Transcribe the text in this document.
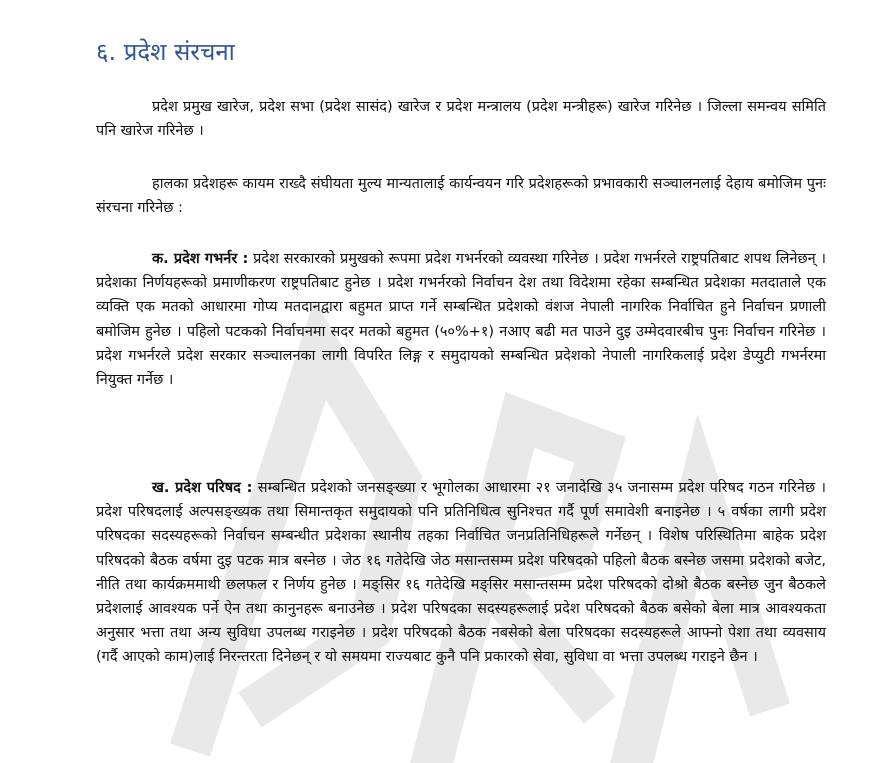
६. प्रदेश संरचना

प्रदेश प्रमुख खारेज, प्रदेश सभा (प्रदेश सासंद) खारेज र प्रदेश मन्त्रालय (प्रदेश मन्त्रीहरू) खारेज गरिनेछ । जिल्ला समन्वय समिति पनि खारेज गरिनेछ ।

हालका प्रदेशहरू कायम राख्दै संघीयता मुल्य मान्यतालाई कार्यन्वयन गरि प्रदेशहरूको प्रभावकारी सञ्चालनलाई देहाय बमोजिम पुनः संरचना गरिनेछ :

क. प्रदेश गभर्नर : प्रदेश सरकारको प्रमुखको रूपमा प्रदेश गभर्नरको व्यवस्था गरिनेछ । प्रदेश गभर्नरले राष्ट्रपतिबाट शपथ लिनेछन् । प्रदेशका निर्णयहरूको प्रमाणीकरण राष्ट्रपतिबाट हुनेछ । प्रदेश गभर्नरको निर्वाचन देश तथा विदेशमा रहेका सम्बन्धित प्रदेशका मतदाताले एक व्यक्ति एक मतको आधारमा गोप्य मतदानद्वारा बहुमत प्राप्त गर्ने सम्बन्धित प्रदेशको वंशज नेपाली नागरिक निर्वाचित हुने निर्वाचन प्रणाली बमोजिम हुनेछ । पहिलो पटकको निर्वाचनमा सदर मतको बहुमत (५०%+१) नआए बढी मत पाउने दुइ उम्मेदवारबीच पुनः निर्वाचन गरिनेछ । प्रदेश गभर्नरले प्रदेश सरकार सञ्चालनका लागी विपरित लिङ्ग र समुदायको सम्बन्धित प्रदेशको नेपाली नागरिकलाई प्रदेश डेप्युटी गभर्नरमा नियुक्त गर्नेछ ।

ख. प्रदेश परिषद : सम्बन्धित प्रदेशको जनसङ्ख्या र भूगोलका आधारमा २१ जनादेखि ३५ जनासम्म प्रदेश परिषद गठन गरिनेछ । प्रदेश परिषदलाई अल्पसङ्ख्यक तथा सिमान्तकृत समुदायको पनि प्रतिनिधित्व सुनिश्चत गर्दै पूर्ण समावेशी बनाइनेछ । ५ वर्षका लागी प्रदेश परिषदका सदस्यहरूको निर्वाचन सम्बन्धीत प्रदेशका स्थानीय तहका निर्वाचित जनप्रतिनिधिहरूले गर्नेछन् । विशेष परिस्थितिमा बाहेक प्रदेश परिषदको बैठक वर्षमा दुइ पटक मात्र बस्नेछ । जेठ १६ गतेदेखि जेठ मसान्तसम्म प्रदेश परिषदको पहिलो बैठक बस्नेछ जसमा प्रदेशको बजेट, नीति तथा कार्यक्रममाथी छलफल र निर्णय हुनेछ । मङ्सिर १६ गतेदेखि मङ्सिर मसान्तसम्म प्रदेश परिषदको दोश्रो बैठक बस्नेछ जुन बैठकले प्रदेशलाई आवश्यक पर्ने ऐन तथा कानुनहरू बनाउनेछ । प्रदेश परिषदका सदस्यहरूलाई प्रदेश परिषदको बैठक बसेको बेला मात्र आवश्यकता अनुसार भत्ता तथा अन्य सुविधा उपलब्ध गराइनेछ । प्रदेश परिषदको बैठक नबसेको बेला परिषदका सदस्यहरूले आफ्नो पेशा तथा व्यवसाय (गर्दै आएको काम)लाई निरन्तरता दिनेछन् र यो समयमा राज्यबाट कुनै पनि प्रकारको सेवा, सुविधा वा भत्ता उपलब्ध गराइने छैन ।
